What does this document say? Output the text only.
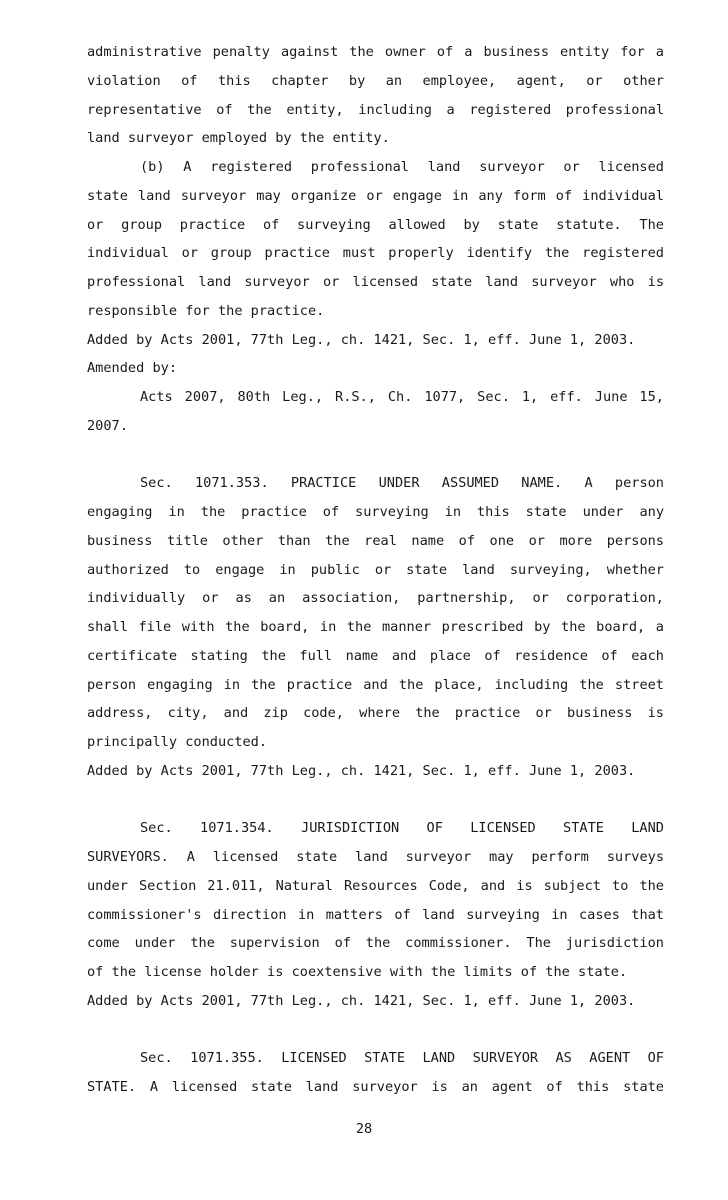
administrative penalty against the owner of a business entity for a
violation of this chapter by an employee, agent, or other
representative of the entity, including a registered professional
land surveyor employed by the entity.
(b) A registered professional land surveyor or licensed
state land surveyor may organize or engage in any form of individual
or group practice of surveying allowed by state statute. The
individual or group practice must properly identify the registered
professional land surveyor or licensed state land surveyor who is
responsible for the practice.
Added by Acts 2001, 77th Leg., ch. 1421, Sec. 1, eff. June 1, 2003.
Amended by:
Acts 2007, 80th Leg., R.S., Ch. 1077, Sec. 1, eff. June 15,
2007.
Sec. 1071.353. PRACTICE UNDER ASSUMED NAME. A person
engaging in the practice of surveying in this state under any
business title other than the real name of one or more persons
authorized to engage in public or state land surveying, whether
individually or as an association, partnership, or corporation,
shall file with the board, in the manner prescribed by the board, a
certificate stating the full name and place of residence of each
person engaging in the practice and the place, including the street
address, city, and zip code, where the practice or business is
principally conducted.
Added by Acts 2001, 77th Leg., ch. 1421, Sec. 1, eff. June 1, 2003.
Sec. 1071.354. JURISDICTION OF LICENSED STATE LAND
SURVEYORS. A licensed state land surveyor may perform surveys
under Section 21.011, Natural Resources Code, and is subject to the
commissioner's direction in matters of land surveying in cases that
come under the supervision of the commissioner. The jurisdiction
of the license holder is coextensive with the limits of the state.
Added by Acts 2001, 77th Leg., ch. 1421, Sec. 1, eff. June 1, 2003.
Sec. 1071.355. LICENSED STATE LAND SURVEYOR AS AGENT OF
STATE. A licensed state land surveyor is an agent of this state
28
